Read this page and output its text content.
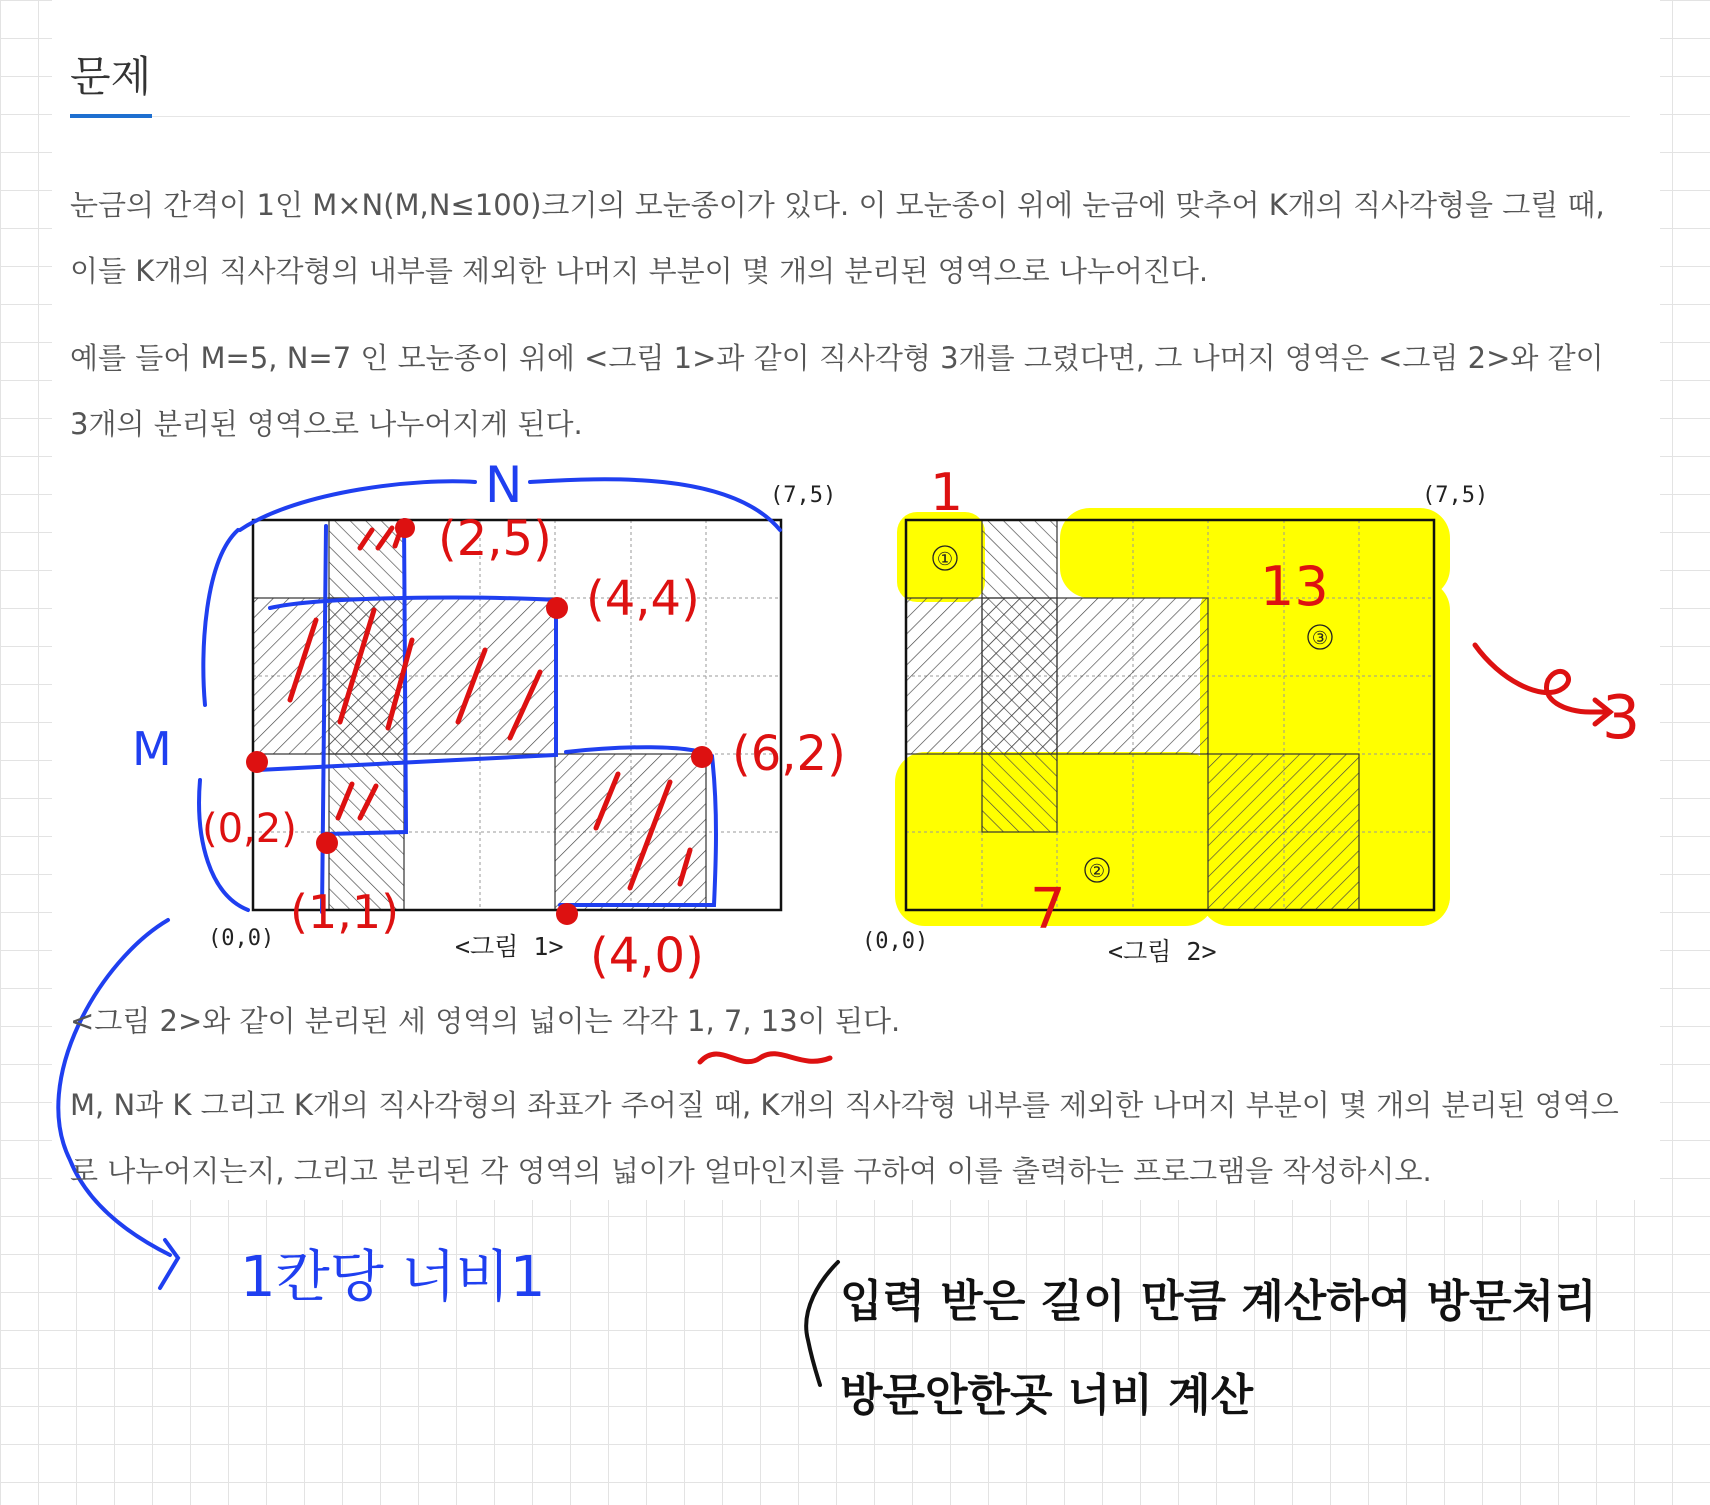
문제

눈금의 간격이 1인 M×N(M,N≤100)크기의 모눈종이가 있다. 이 모눈종이 위에 눈금에 맞추어 K개의 직사각형을 그릴 때, 이들 K개의 직사각형의 내부를 제외한 나머지 부분이 몇 개의 분리된 영역으로 나누어진다.

예를 들어 M=5, N=7 인 모눈종이 위에 <그림 1>과 같이 직사각형 3개를 그렸다면, 그 나머지 영역은 <그림 2>와 같이 3개의 분리된 영역으로 나누어지게 된다.

(0,0)
(7,5)
<그림 1>
①
②
③
(0,0)
(7,5)
<그림 2>
N
M
1칸당 너비1
(2,5)
(4,4)
(6,2)
(0,2)
(1,1)
(4,0)
1
7
13
3
입력 받은 길이 만큼 계산하여 방문처리
방문안한곳 너비 계산

<그림 2>와 같이 분리된 세 영역의 넓이는 각각 1, 7, 13이 된다.

M, N과 K 그리고 K개의 직사각형의 좌표가 주어질 때, K개의 직사각형 내부를 제외한 나머지 부분이 몇 개의 분리된 영역으로 나누어지는지, 그리고 분리된 각 영역의 넓이가 얼마인지를 구하여 이를 출력하는 프로그램을 작성하시오.
